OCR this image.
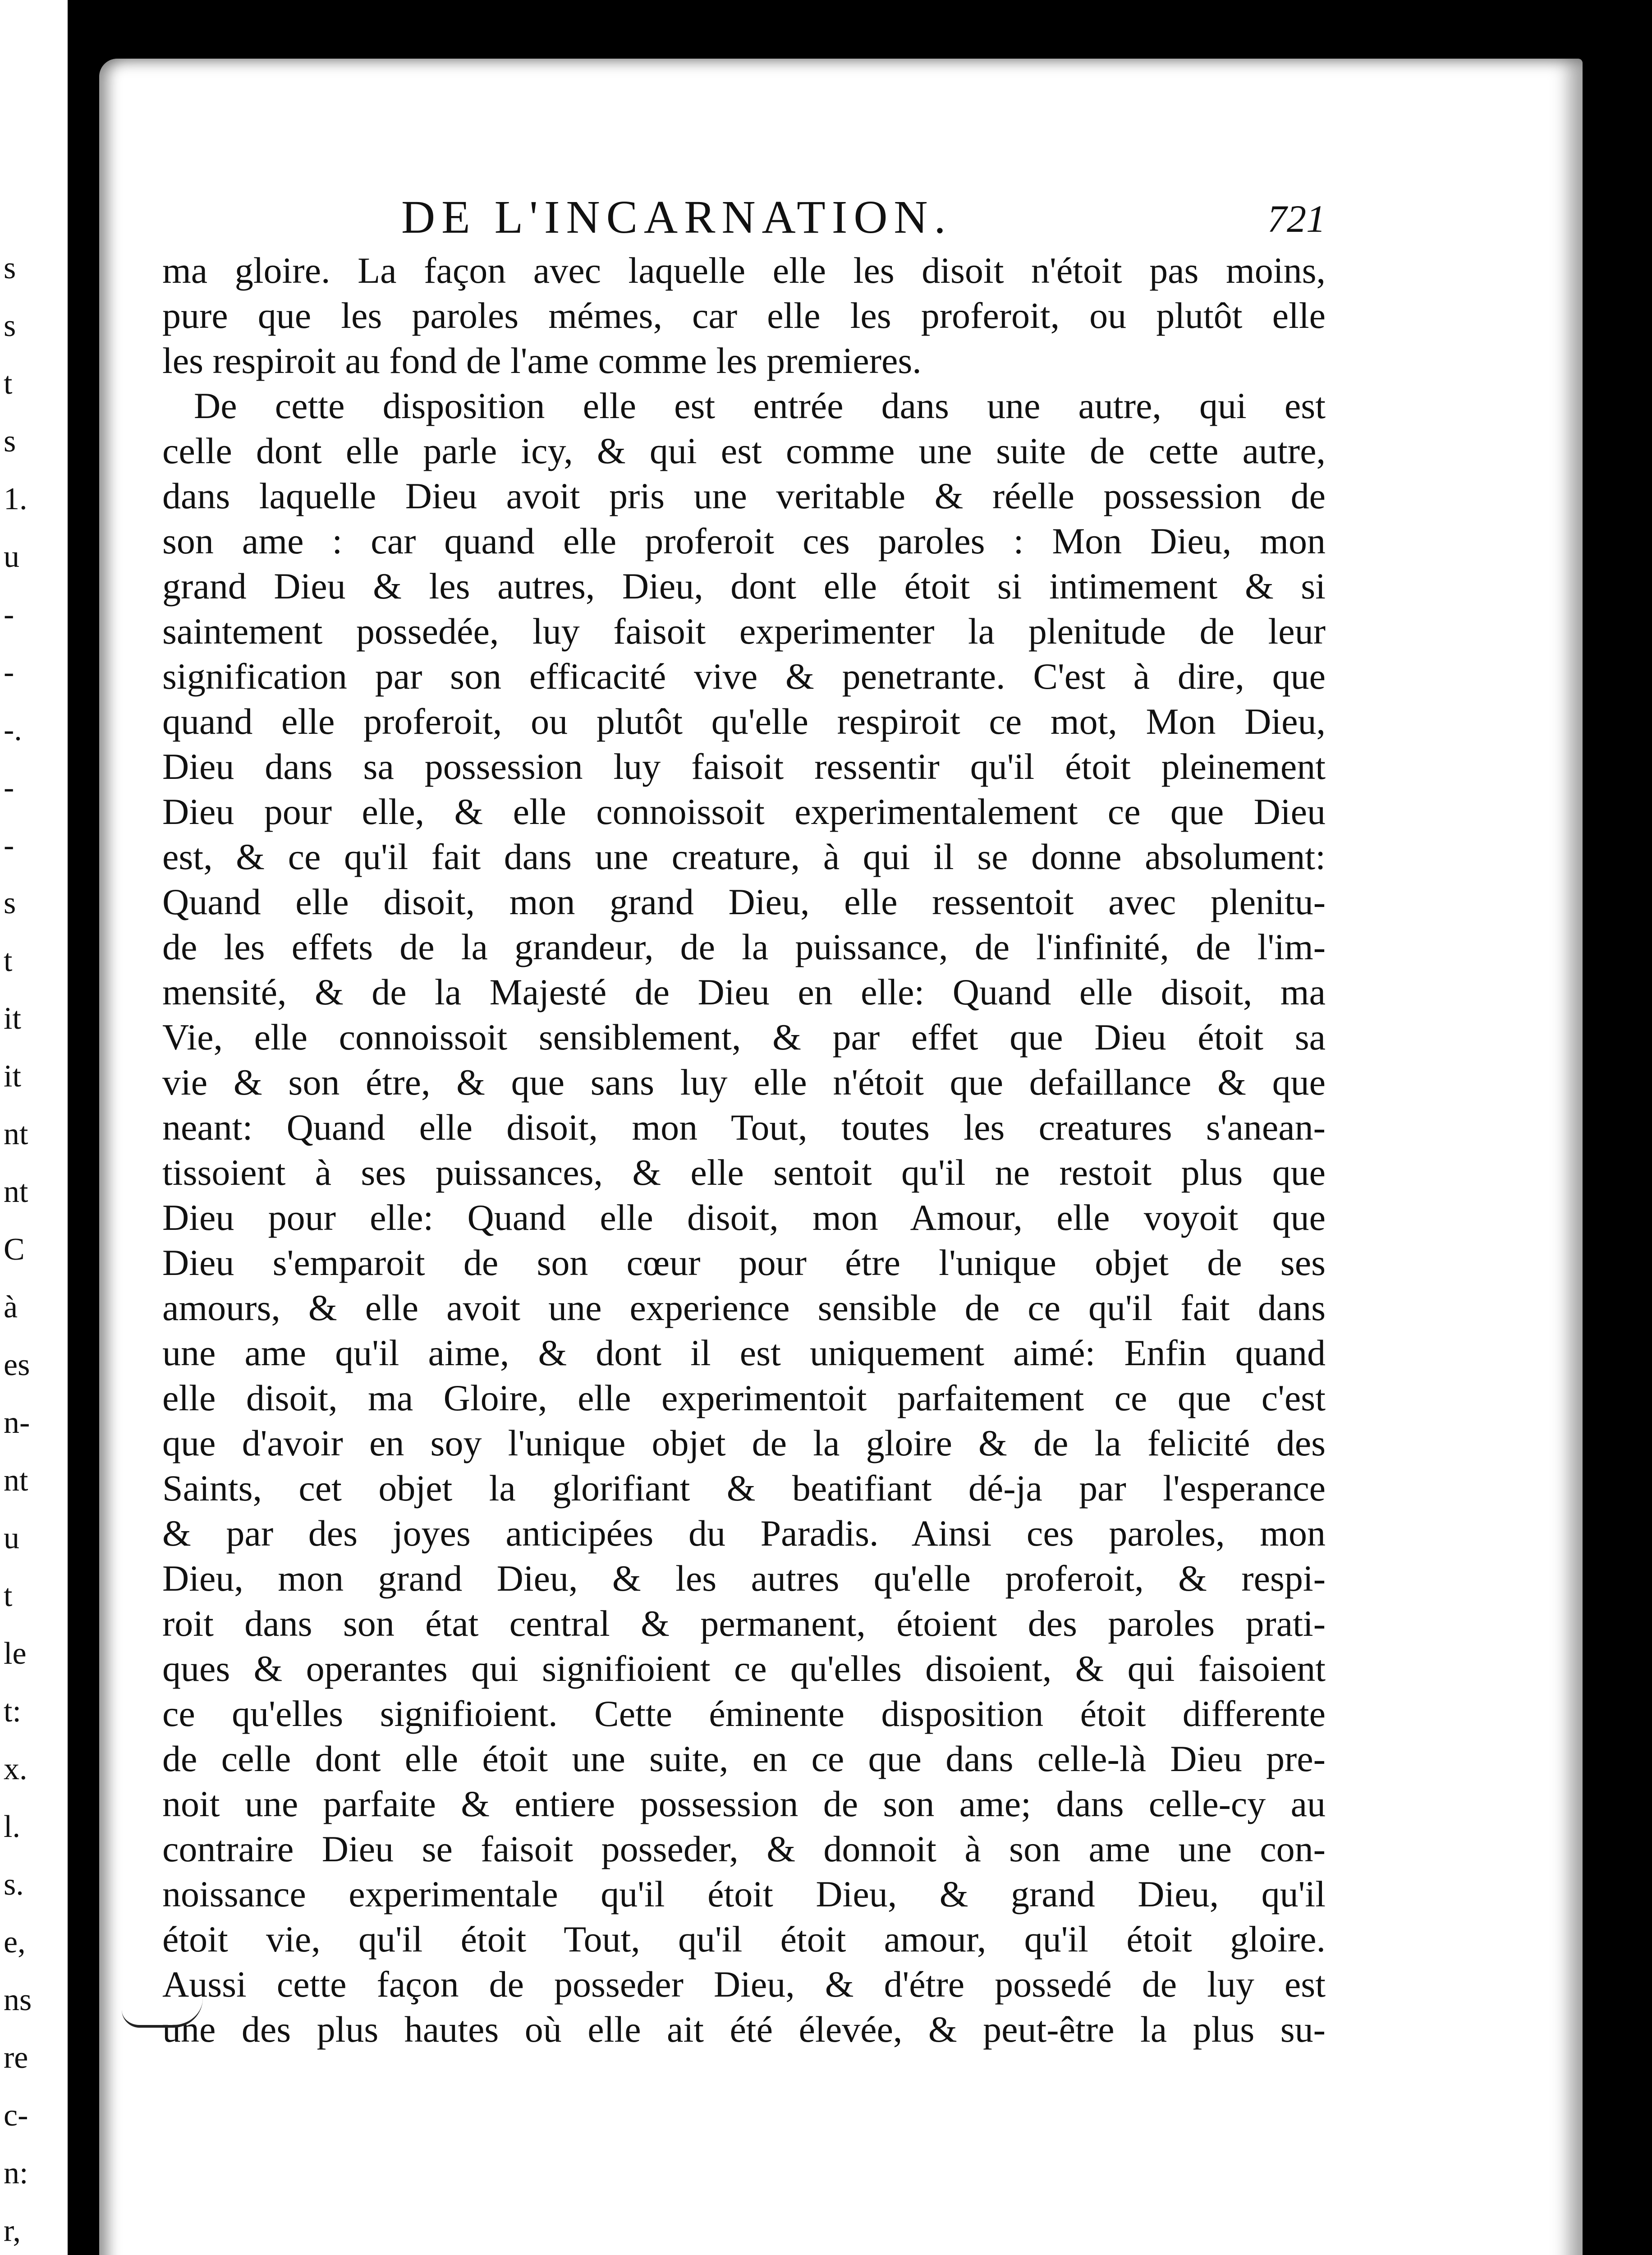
s
s
t
s
1.
u
-
-
-.
-
-
s
t
it
it
nt
nt
C
à
es
n-
nt
u
t
le
t:
x.
l.
s.
e,
ns
re
c-
n:
r,
DE L'INCARNATION.	721
ma gloire. La façon avec laquelle elle les disoit n'étoit pas moins,
pure que les paroles mémes, car elle les proferoit, ou plutôt elle
les respiroit au fond de l'ame comme les premieres.
De cette disposition elle est entrée dans une autre, qui est
celle dont elle parle icy, & qui est comme une suite de cette autre,
dans laquelle Dieu avoit pris une veritable & réelle possession de
son ame : car quand elle proferoit ces paroles : Mon Dieu, mon
grand Dieu & les autres, Dieu, dont elle étoit si intimement & si
saintement possedée, luy faisoit experimenter la plenitude de leur
signification par son efficacité vive & penetrante. C'est à dire, que
quand elle proferoit, ou plutôt qu'elle respiroit ce mot, Mon Dieu,
Dieu dans sa possession luy faisoit ressentir qu'il étoit pleinement
Dieu pour elle, & elle connoissoit experimentalement ce que Dieu
est, & ce qu'il fait dans une creature, à qui il se donne absolument:
Quand elle disoit, mon grand Dieu, elle ressentoit avec plenitu-
de les effets de la grandeur, de la puissance, de l'infinité, de l'im-
mensité, & de la Majesté de Dieu en elle: Quand elle disoit, ma
Vie, elle connoissoit sensiblement, & par effet que Dieu étoit sa
vie & son étre, & que sans luy elle n'étoit que defaillance & que
neant: Quand elle disoit, mon Tout, toutes les creatures s'anean-
tissoient à ses puissances, & elle sentoit qu'il ne restoit plus que
Dieu pour elle: Quand elle disoit, mon Amour, elle voyoit que
Dieu s'emparoit de son cœur pour étre l'unique objet de ses
amours, & elle avoit une experience sensible de ce qu'il fait dans
une ame qu'il aime, & dont il est uniquement aimé: Enfin quand
elle disoit, ma Gloire, elle experimentoit parfaitement ce que c'est
que d'avoir en soy l'unique objet de la gloire & de la felicité des
Saints, cet objet la glorifiant & beatifiant dé-ja par l'esperance
& par des joyes anticipées du Paradis. Ainsi ces paroles, mon
Dieu, mon grand Dieu, & les autres qu'elle proferoit, & respi-
roit dans son état central & permanent, étoient des paroles prati-
ques & operantes qui signifioient ce qu'elles disoient, & qui faisoient
ce qu'elles signifioient. Cette éminente disposition étoit differente
de celle dont elle étoit une suite, en ce que dans celle-là Dieu pre-
noit une parfaite & entiere possession de son ame; dans celle-cy au
contraire Dieu se faisoit posseder, & donnoit à son ame une con-
noissance experimentale qu'il étoit Dieu, & grand Dieu, qu'il
étoit vie, qu'il étoit Tout, qu'il étoit amour, qu'il étoit gloire.
Aussi cette façon de posseder Dieu, & d'étre possedé de luy est
une des plus hautes où elle ait été élevée, & peut-être la plus su-
